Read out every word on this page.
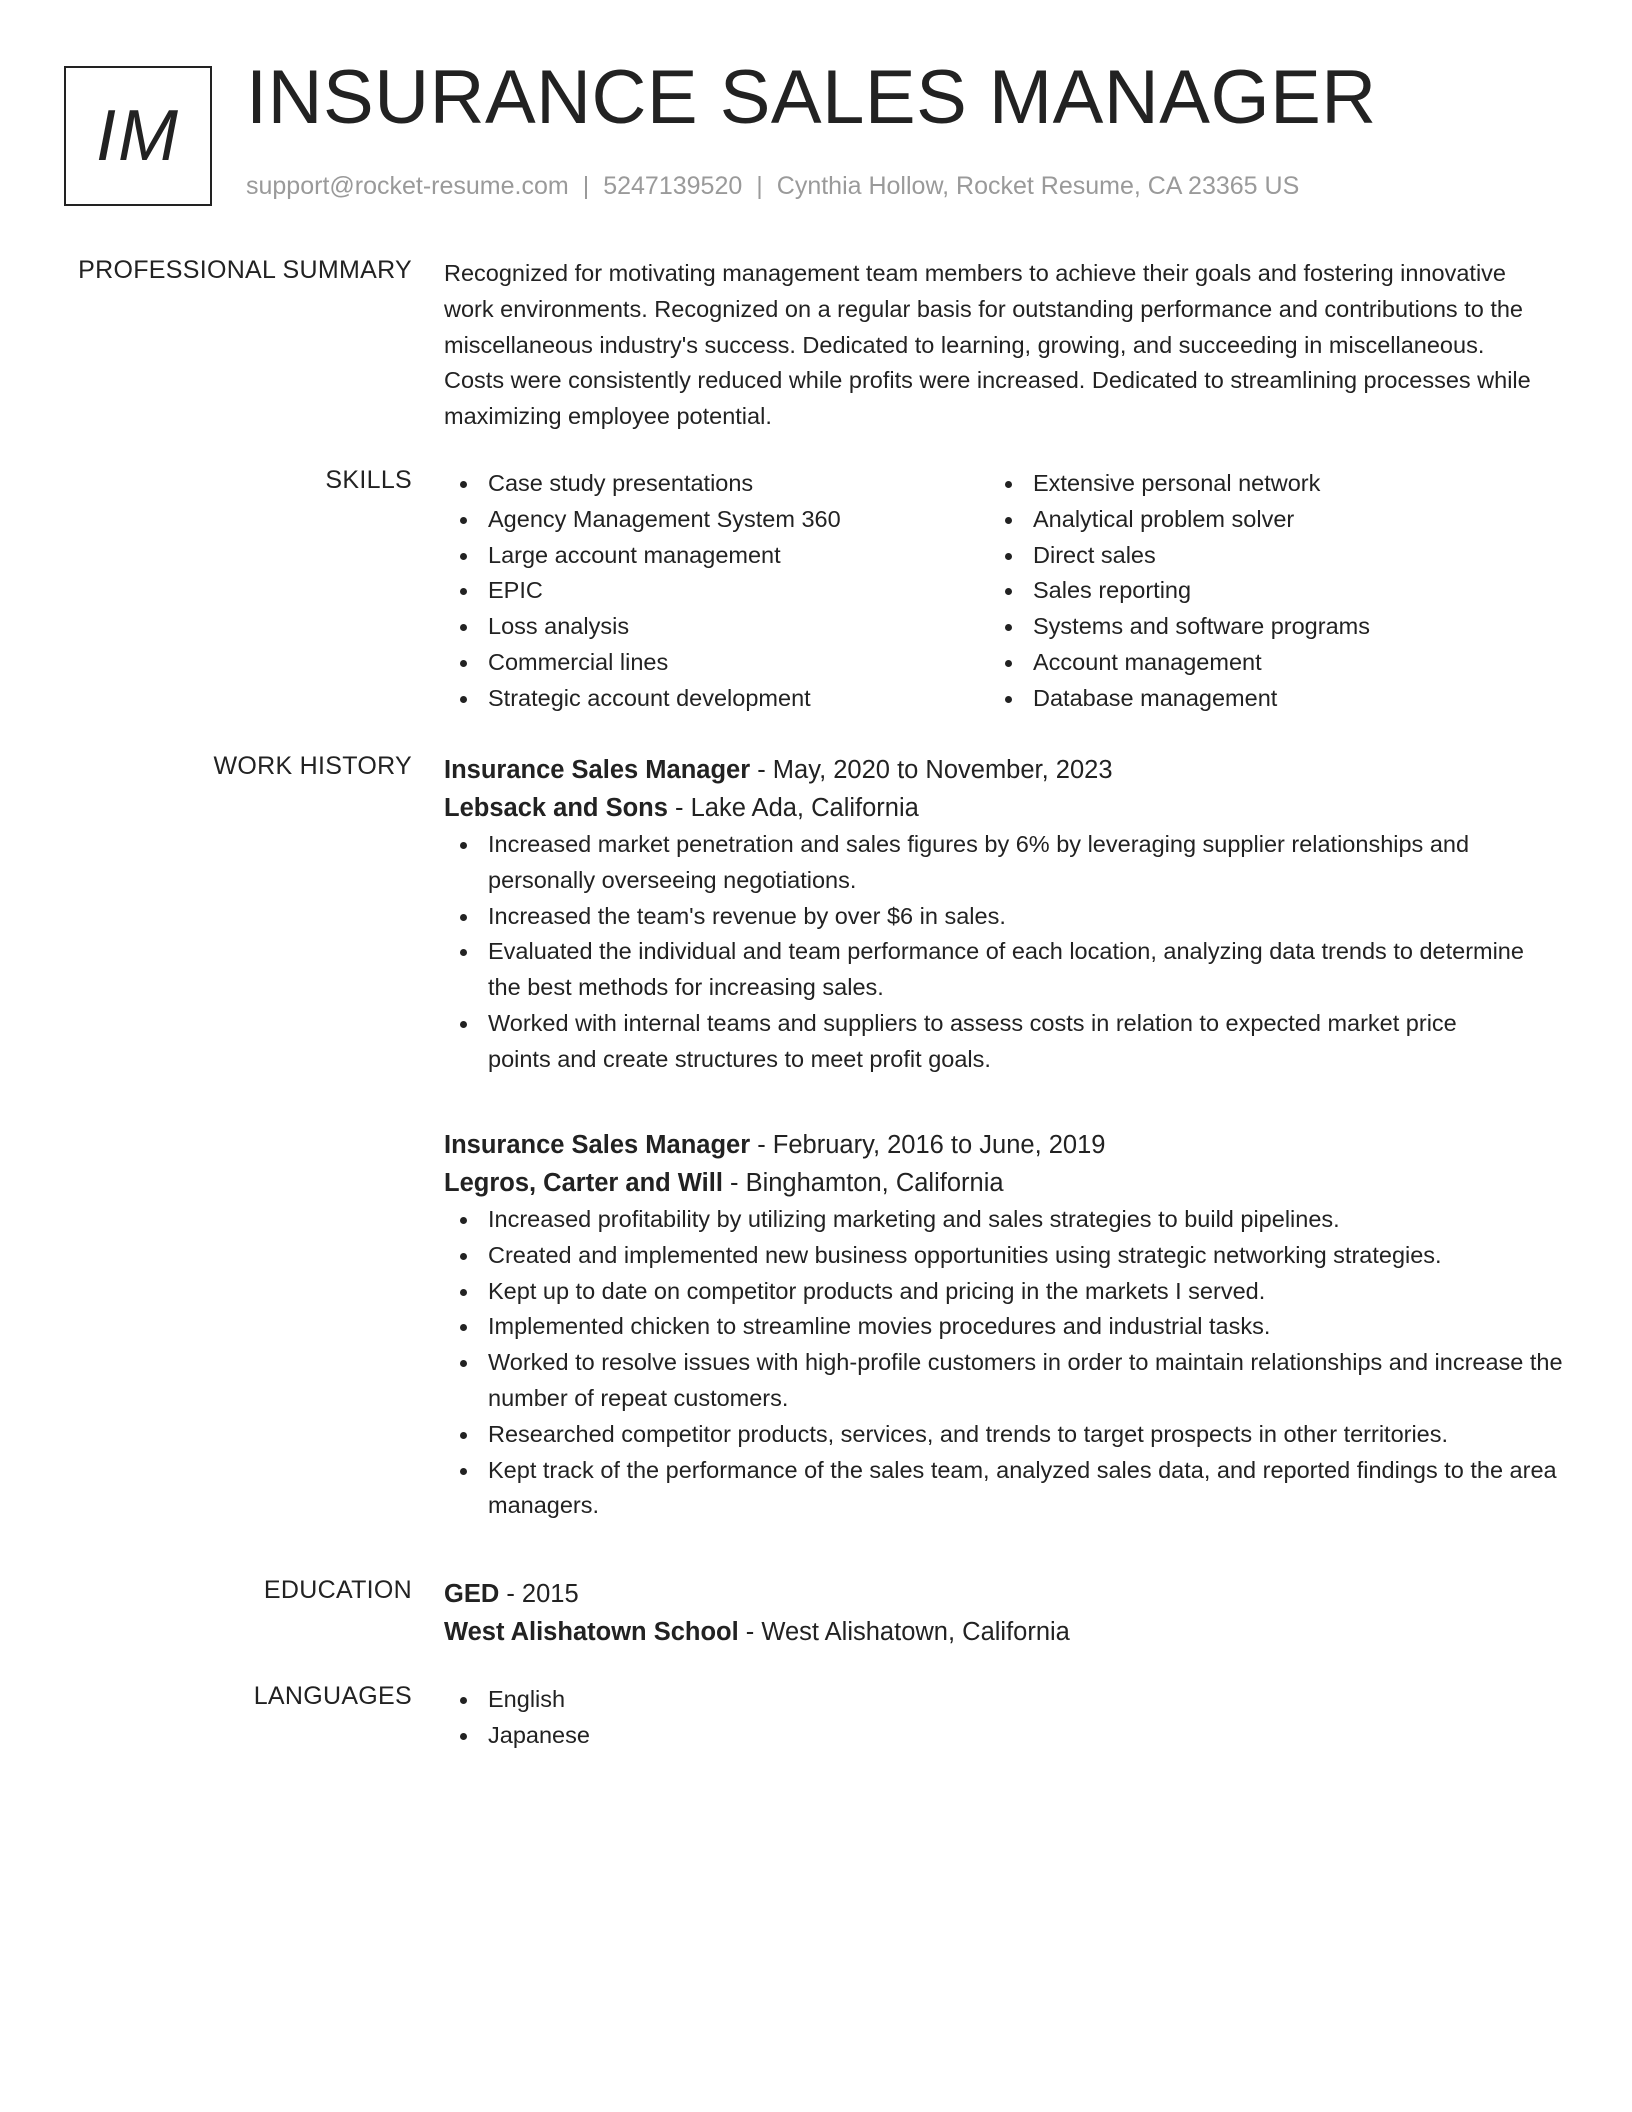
IM INSURANCE SALES MANAGER
support@rocket-resume.com | 5247139520 | Cynthia Hollow, Rocket Resume, CA 23365 US
PROFESSIONAL SUMMARY Recognized for motivating management team members to achieve their goals and fostering innovative work environments. Recognized on a regular basis for outstanding performance and contributions to the miscellaneous industry's success. Dedicated to learning, growing, and succeeding in miscellaneous. Costs were consistently reduced while profits were increased. Dedicated to streamlining processes while maximizing employee potential.

SKILLS	Case study presentations
Agency Management System 360
Large account management
EPIC
Loss analysis
Commercial lines
Strategic account development
Extensive personal network
Analytical problem solver
Direct sales
Sales reporting
Systems and software programs
Account management
Database management
WORK HISTORY Insurance Sales Manager - May, 2020 to November, 2023
Lebsack and Sons - Lake Ada, California
Increased market penetration and sales figures by 6% by leveraging supplier relationships and personally overseeing negotiations.
Increased the team's revenue by over $6 in sales.
Evaluated the individual and team performance of each location, analyzing data trends to determine the best methods for increasing sales.
Worked with internal teams and suppliers to assess costs in relation to expected market price points and create structures to meet profit goals.
Insurance Sales Manager - February, 2016 to June, 2019
Legros, Carter and Will - Binghamton, California
Increased profitability by utilizing marketing and sales strategies to build pipelines.
Created and implemented new business opportunities using strategic networking strategies.
Kept up to date on competitor products and pricing in the markets I served.
Implemented chicken to streamline movies procedures and industrial tasks.
Worked to resolve issues with high-profile customers in order to maintain relationships and increase the number of repeat customers.
Researched competitor products, services, and trends to target prospects in other territories.
Kept track of the performance of the sales team, analyzed sales data, and reported findings to the area managers.
EDUCATION GED - 2015
West Alishatown School - West Alishatown, California
LANGUAGES	English
Japanese
